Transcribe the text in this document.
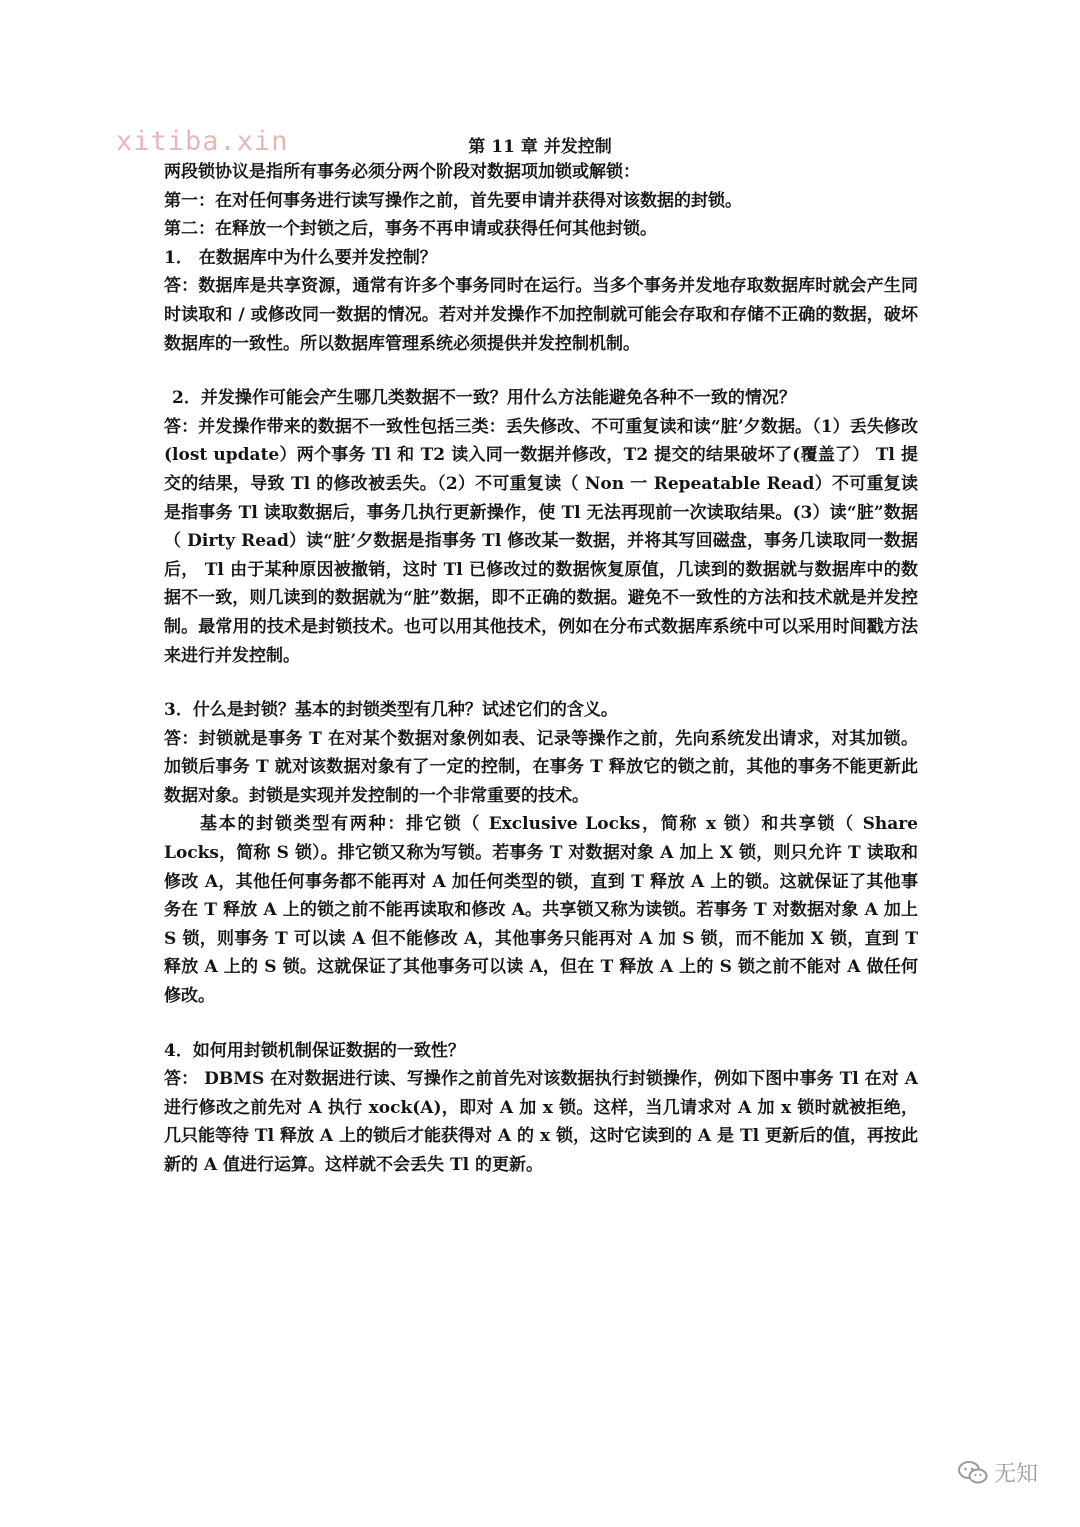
xitiba.xin	第 11 章 并发控制

两段锁协议是指所有事务必须分两个阶段对数据项加锁或解锁：

第一：在对任何事务进行读写操作之前，首先要申请并获得对该数据的封锁。

第二：在释放一个封锁之后，事务不再申请或获得任何其他封锁。

1． 在数据库中为什么要并发控制？

答：数据库是共享资源，通常有许多个事务同时在运行。当多个事务并发地存取数据库时就会产生同时读取和 / 或修改同一数据的情况。若对并发操作不加控制就可能会存取和存储不正确的数据，破坏数据库的一致性。所以数据库管理系统必须提供并发控制机制。

2．并发操作可能会产生哪几类数据不一致？用什么方法能避免各种不一致的情况？

答：并发操作带来的数据不一致性包括三类：丢失修改、不可重复读和读“脏’夕数据。（1）丢失修改(lost update）两个事务 Tl 和 T2 读入同一数据并修改，T2 提交的结果破坏了(覆盖了） Tl 提交的结果，导致 Tl 的修改被丢失。（2）不可重复读（ Non 一 Repeatable Read）不可重复读是指事务 Tl 读取数据后，事务几执行更新操作，使 Tl 无法再现前一次读取结果。(3）读“脏”数据（ Dirty Read）读“脏’夕数据是指事务 Tl 修改某一数据，并将其写回磁盘，事务几读取同一数据后， Tl 由于某种原因被撤销，这时 Tl 已修改过的数据恢复原值，几读到的数据就与数据库中的数据不一致，则几读到的数据就为“脏”数据，即不正确的数据。避免不一致性的方法和技术就是并发控制。最常用的技术是封锁技术。也可以用其他技术，例如在分布式数据库系统中可以采用时间戳方法来进行并发控制。

3．什么是封锁？基本的封锁类型有几种？试述它们的含义。

答：封锁就是事务 T 在对某个数据对象例如表、记录等操作之前，先向系统发出请求，对其加锁。加锁后事务 T 就对该数据对象有了一定的控制，在事务 T 释放它的锁之前，其他的事务不能更新此数据对象。封锁是实现并发控制的一个非常重要的技术。

基本的封锁类型有两种：排它锁（ Exclusive Locks，简称 x 锁）和共享锁（ Share Locks，简称 S 锁）。排它锁又称为写锁。若事务 T 对数据对象 A 加上 X 锁，则只允许 T 读取和修改 A，其他任何事务都不能再对 A 加任何类型的锁，直到 T 释放 A 上的锁。这就保证了其他事务在 T 释放 A 上的锁之前不能再读取和修改 A。共享锁又称为读锁。若事务 T 对数据对象 A 加上 S 锁，则事务 T 可以读 A 但不能修改 A，其他事务只能再对 A 加 S 锁，而不能加 X 锁，直到 T 释放 A 上的 S 锁。这就保证了其他事务可以读 A，但在 T 释放 A 上的 S 锁之前不能对 A 做任何修改。

4．如何用封锁机制保证数据的一致性？

答： DBMS 在对数据进行读、写操作之前首先对该数据执行封锁操作，例如下图中事务 Tl 在对 A 进行修改之前先对 A 执行 xock(A)，即对 A 加 x 锁。这样，当几请求对 A 加 x 锁时就被拒绝，几只能等待 Tl 释放 A 上的锁后才能获得对 A 的 x 锁，这时它读到的 A 是 Tl 更新后的值，再按此新的 A 值进行运算。这样就不会丢失 Tl 的更新。

无知
